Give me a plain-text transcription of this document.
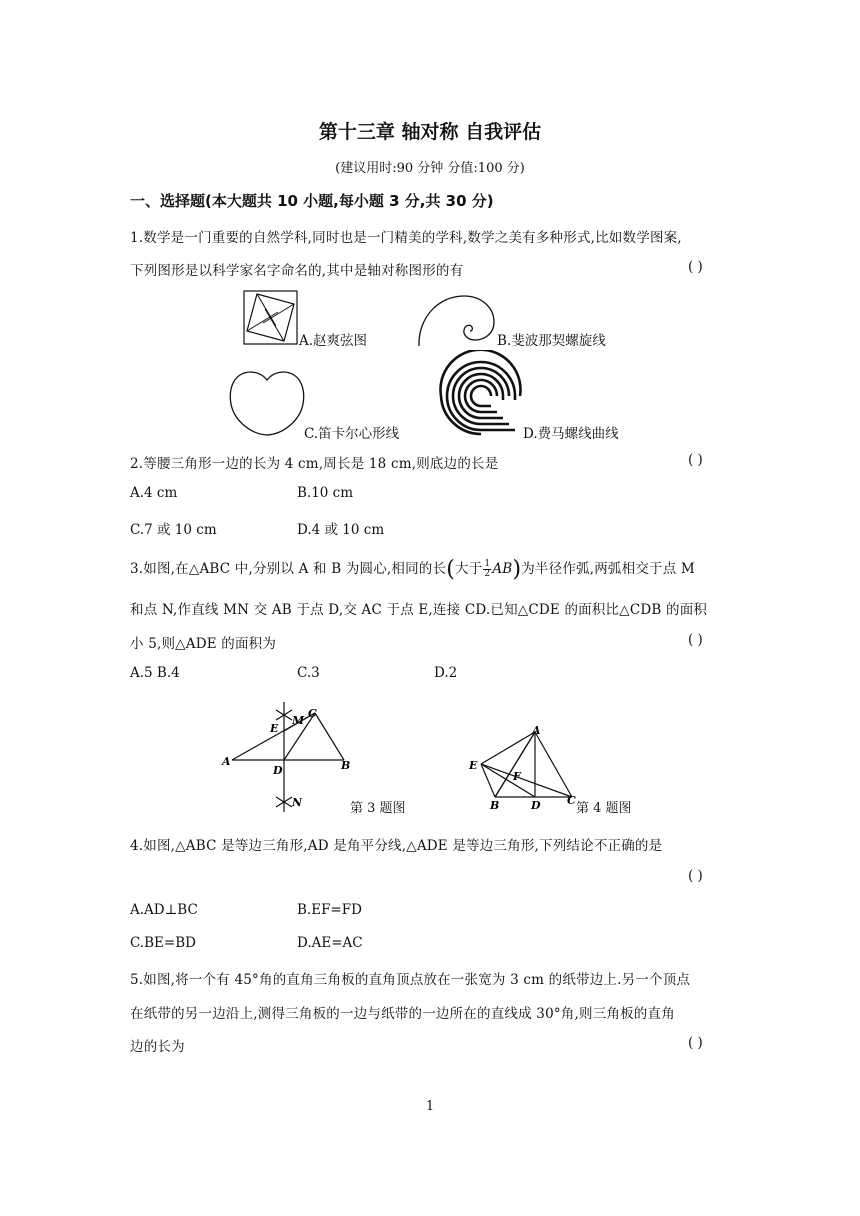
第十三章 轴对称 自我评估
(建议用时:90 分钟 分值:100 分)
一、选择题(本大题共 10 小题,每小题 3 分,共 30 分)
1.数学是一门重要的自然学科,同时也是一门精美的学科,数学之美有多种形式,比如数学图案,
下列图形是以科学家名字命名的,其中是轴对称图形的有	( )
A.赵爽弦图	B.斐波那契螺旋线
C.笛卡尔心形线	D.费马螺线曲线
2.等腰三角形一边的长为 4 cm,周长是 18 cm,则底边的长是	( )
A.4 cm	B.10 cm
C.7 或 10 cm	D.4 或 10 cm
3.如图,在△ABC 中,分别以 A 和 B 为圆心,相同的长(大于 $\frac{1}{2} AB$)为半径作弧,两弧相交于点 M
和点 N,作直线 MN 交 AB 于点 D,交 AC 于点 E,连接 CD.已知△CDE 的面积比△CDB 的面积
小 5,则△ADE 的面积为	( )
A.5 B.4	C.3	D.2
A
E
M
C
D	B
N	第 3 题图
A
E
F
B	D C
第 4 题图
4.如图,△ABC 是等边三角形,AD 是角平分线,△ADE 是等边三角形,下列结论不正确的是
( )
A.AD⊥BC	B.EF=FD
C.BE=BD	D.AE=AC
5.如图,将一个有 45°角的直角三角板的直角顶点放在一张宽为 3 cm 的纸带边上.另一个顶点
在纸带的另一边沿上,测得三角板的一边与纸带的一边所在的直线成 30°角,则三角板的直角
边的长为	( )
1
